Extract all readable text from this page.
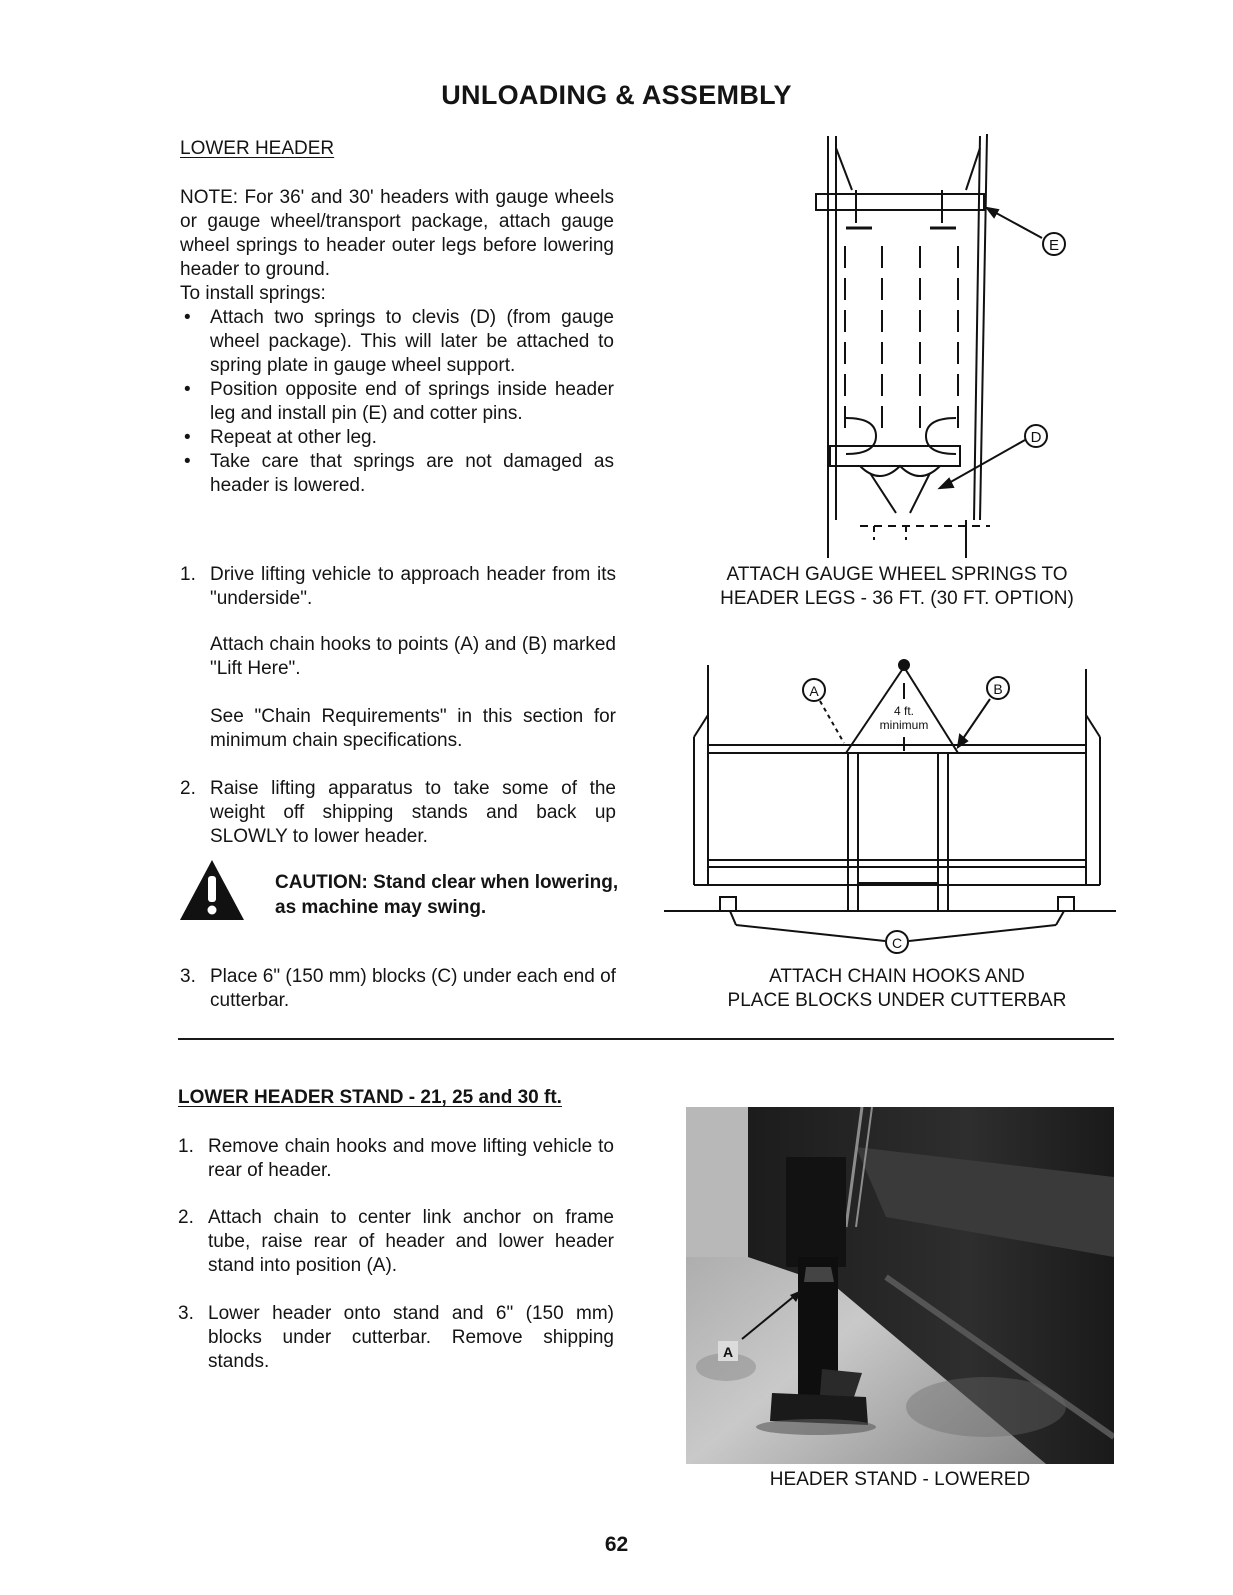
UNLOADING & ASSEMBLY
LOWER HEADER
NOTE: For 36' and 30' headers with gauge wheels or gauge wheel/transport package, attach gauge wheel springs to header outer legs before lowering header to ground.
To install springs:
• Attach two springs to clevis (D) (from gauge wheel package). This will later be attached to spring plate in gauge wheel support.
• Position opposite end of springs inside header leg and install pin (E) and cotter pins.
• Repeat at other leg.
• Take care that springs are not damaged as header is lowered.
1. Drive lifting vehicle to approach header from its "underside".
Attach chain hooks to points (A) and (B) marked "Lift Here".
See "Chain Requirements" in this section for minimum chain specifications.
2. Raise lifting apparatus to take some of the weight off shipping stands and back up SLOWLY to lower header.
CAUTION: Stand clear when lowering, as machine may swing.
3. Place 6" (150 mm) blocks (C) under each end of cutterbar.
E
D
ATTACH GAUGE WHEEL SPRINGS TO
HEADER LEGS - 36 FT. (30 FT. OPTION)
4 ft.
minimum
A	B
C
ATTACH CHAIN HOOKS AND
PLACE BLOCKS UNDER CUTTERBAR
LOWER HEADER STAND - 21, 25 and 30 ft.
1. Remove chain hooks and move lifting vehicle to rear of header.
2. Attach chain to center link anchor on frame tube, raise rear of header and lower header stand into position (A).
3. Lower header onto stand and 6" (150 mm) blocks under cutterbar. Remove shipping stands.	A
HEADER STAND - LOWERED
62
